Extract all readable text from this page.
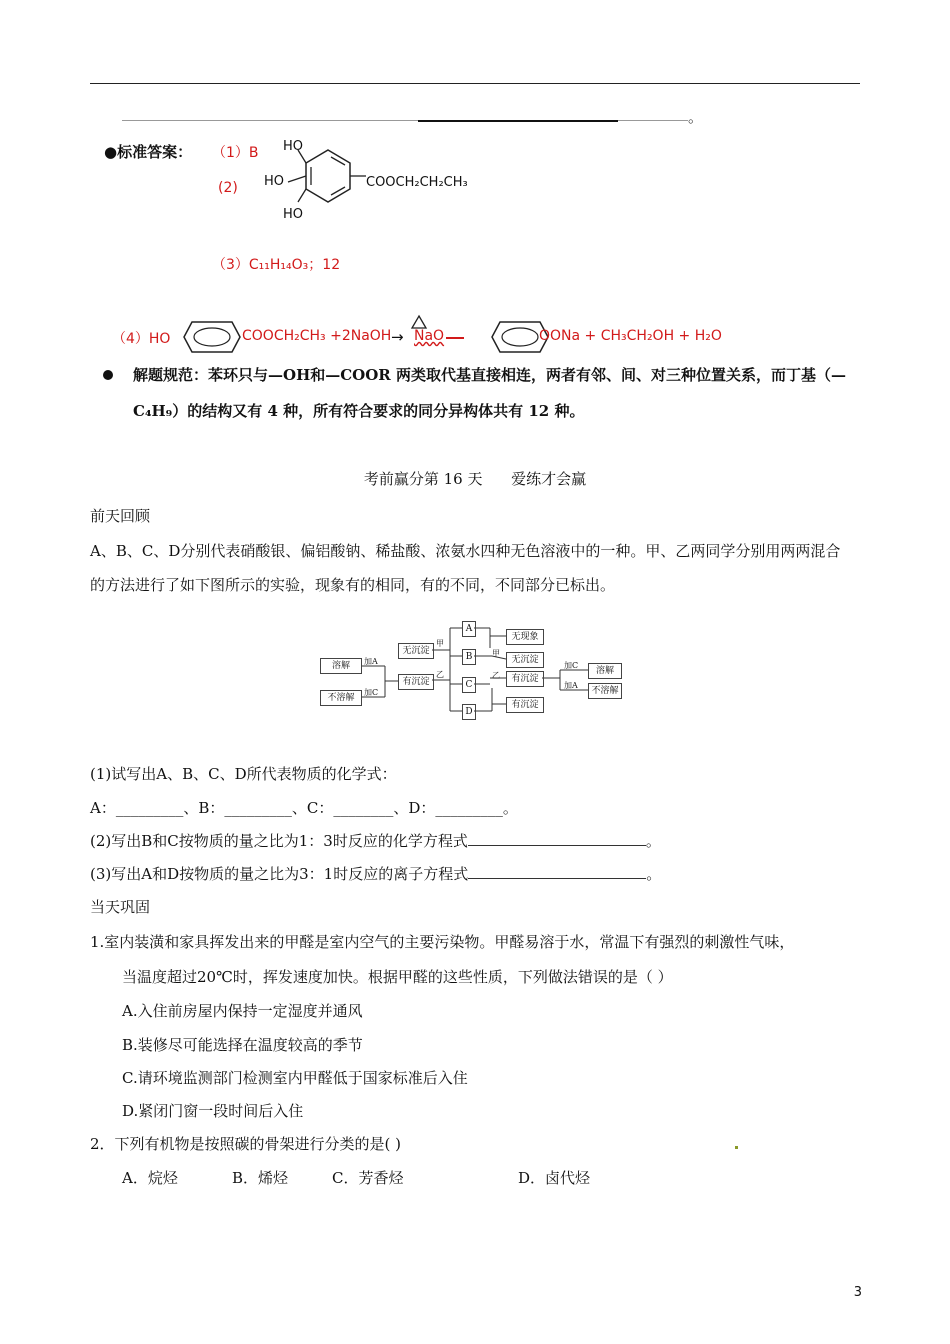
。
●标准答案： （1）B
(2)
HO
HO
HO
COOCH₂CH₂CH₃
（3）C₁₁H₁₄O₃；12
（4）HO	COOCH₂CH₃ +2NaOH → NaO	OONa + CH₃CH₂OH + H₂O
解题规范：苯环只与—OH和—COOR 两类取代基直接相连，两者有邻、间、对三种位置关系，而丁基（—
C₄H₉）的结构又有 4 种，所有符合要求的同分异构体共有 12 种。
考前赢分第 16 天      爱练才会赢
前天回顾
A、B、C、D分别代表硝酸银、偏铝酸钠、稀盐酸、浓氨水四种无色溶液中的一种。甲、乙两同学分别用两两混合
的方法进行了如下图所示的实验，现象有的相同，有的不同，不同部分已标出。
溶解
不溶解
加A
加C
无沉淀
有沉淀
甲
乙
A
B
C
D
甲
乙
无现象
无沉淀
有沉淀
有沉淀
加C
加A
溶解
不溶解
(1)试写出A、B、C、D所代表物质的化学式：
A：_________、B：_________、C：________、D：_________。
(2)写出B和C按物质的量之比为1：3时反应的化学方程式	。
(3)写出A和D按物质的量之比为3：1时反应的离子方程式	。
当天巩固
1.室内装潢和家具挥发出来的甲醛是室内空气的主要污染物。甲醛易溶于水，常温下有强烈的刺激性气味，
当温度超过20℃时，挥发速度加快。根据甲醛的这些性质，下列做法错误的是（ ）
A.入住前房屋内保持一定湿度并通风
B.装修尽可能选择在温度较高的季节
C.请环境监测部门检测室内甲醛低于国家标准后入住
D.紧闭门窗一段时间后入住
2．下列有机物是按照碳的骨架进行分类的是( )
A．烷烃	B．烯烃	C．芳香烃	D．卤代烃
3
